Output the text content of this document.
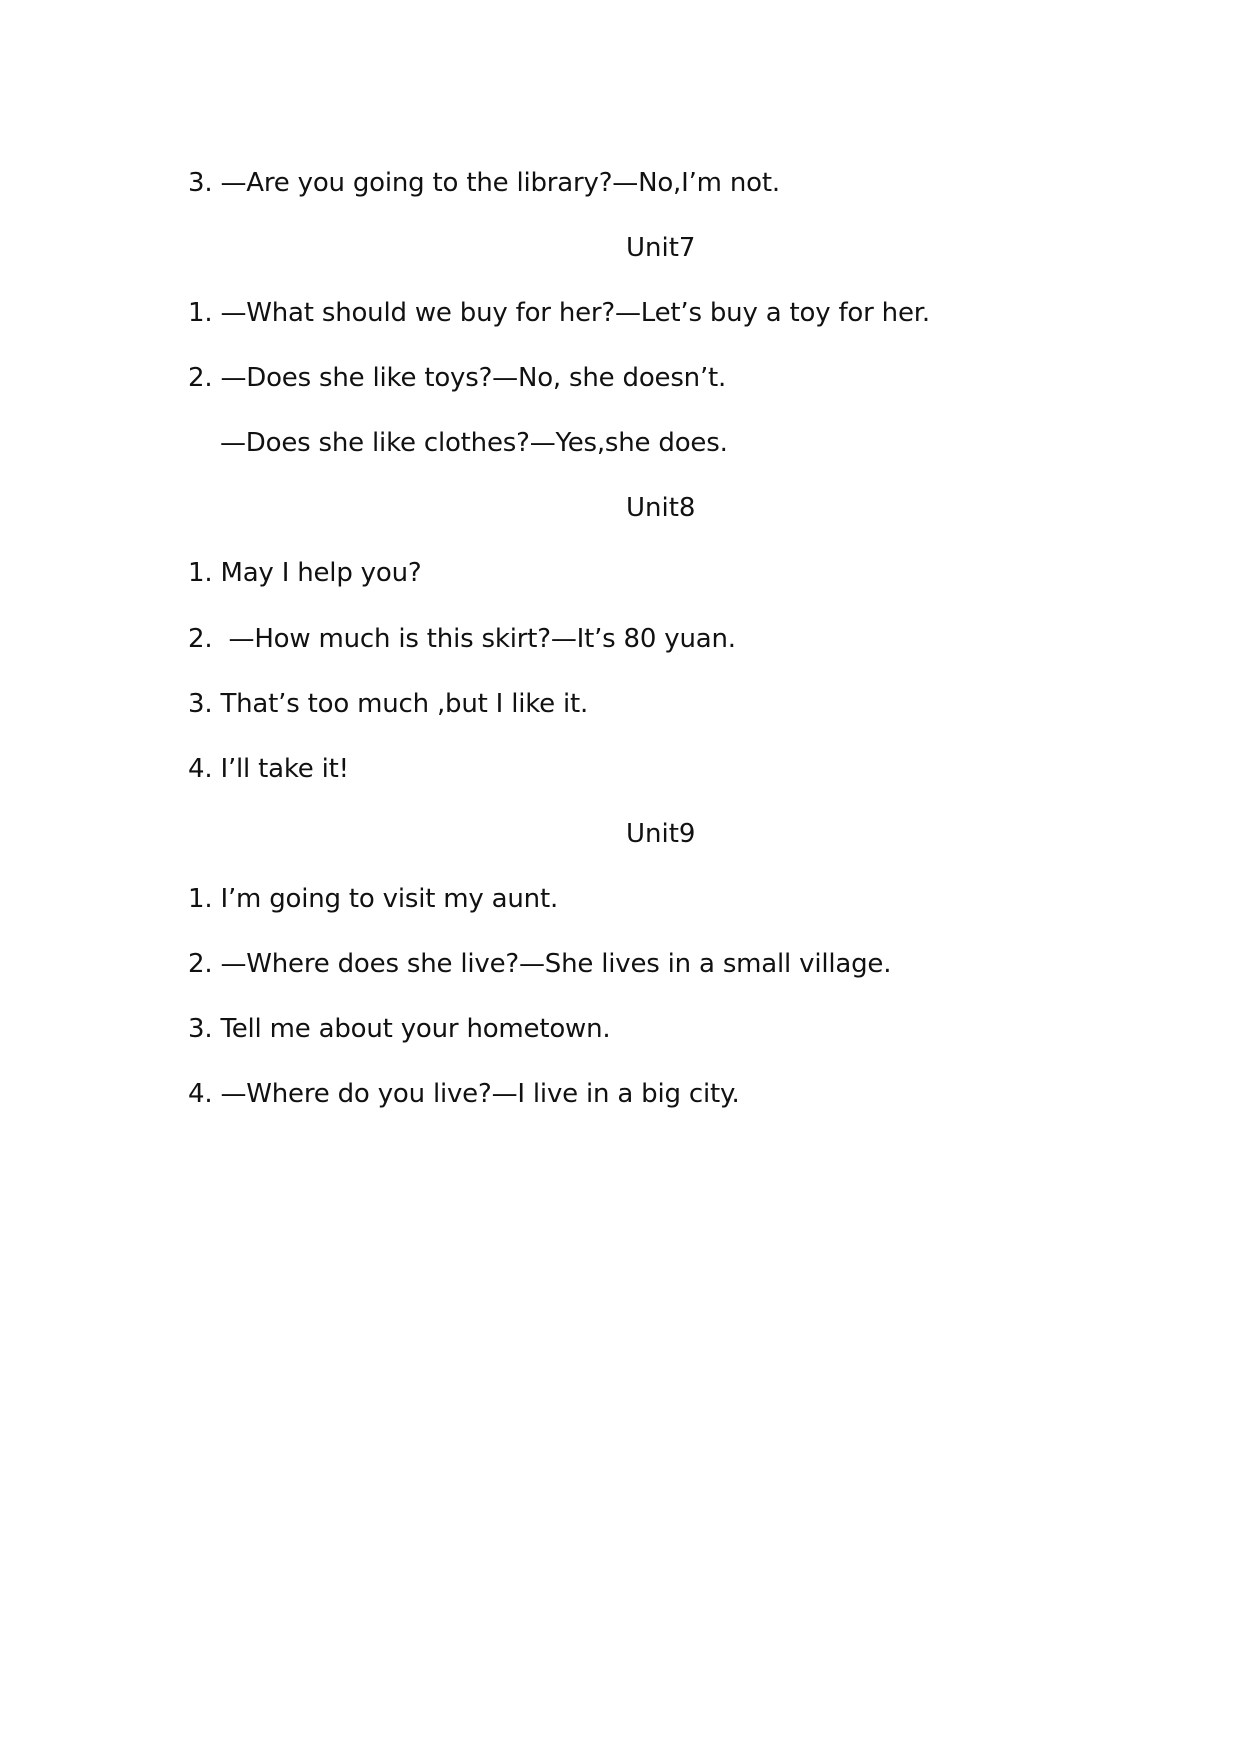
3. —Are you going to the library?—No,I’m not.
Unit7
1. —What should we buy for her?—Let’s buy a toy for her.
2. —Does she like toys?—No, she doesn’t.
—Does she like clothes?—Yes,she does.
Unit8
1. May I help you?
2.  —How much is this skirt?—It’s 80 yuan.
3. That’s too much ,but I like it.
4. I’ll take it!
Unit9
1. I’m going to visit my aunt.
2. —Where does she live?—She lives in a small village.
3. Tell me about your hometown.
4. —Where do you live?—I live in a big city.
